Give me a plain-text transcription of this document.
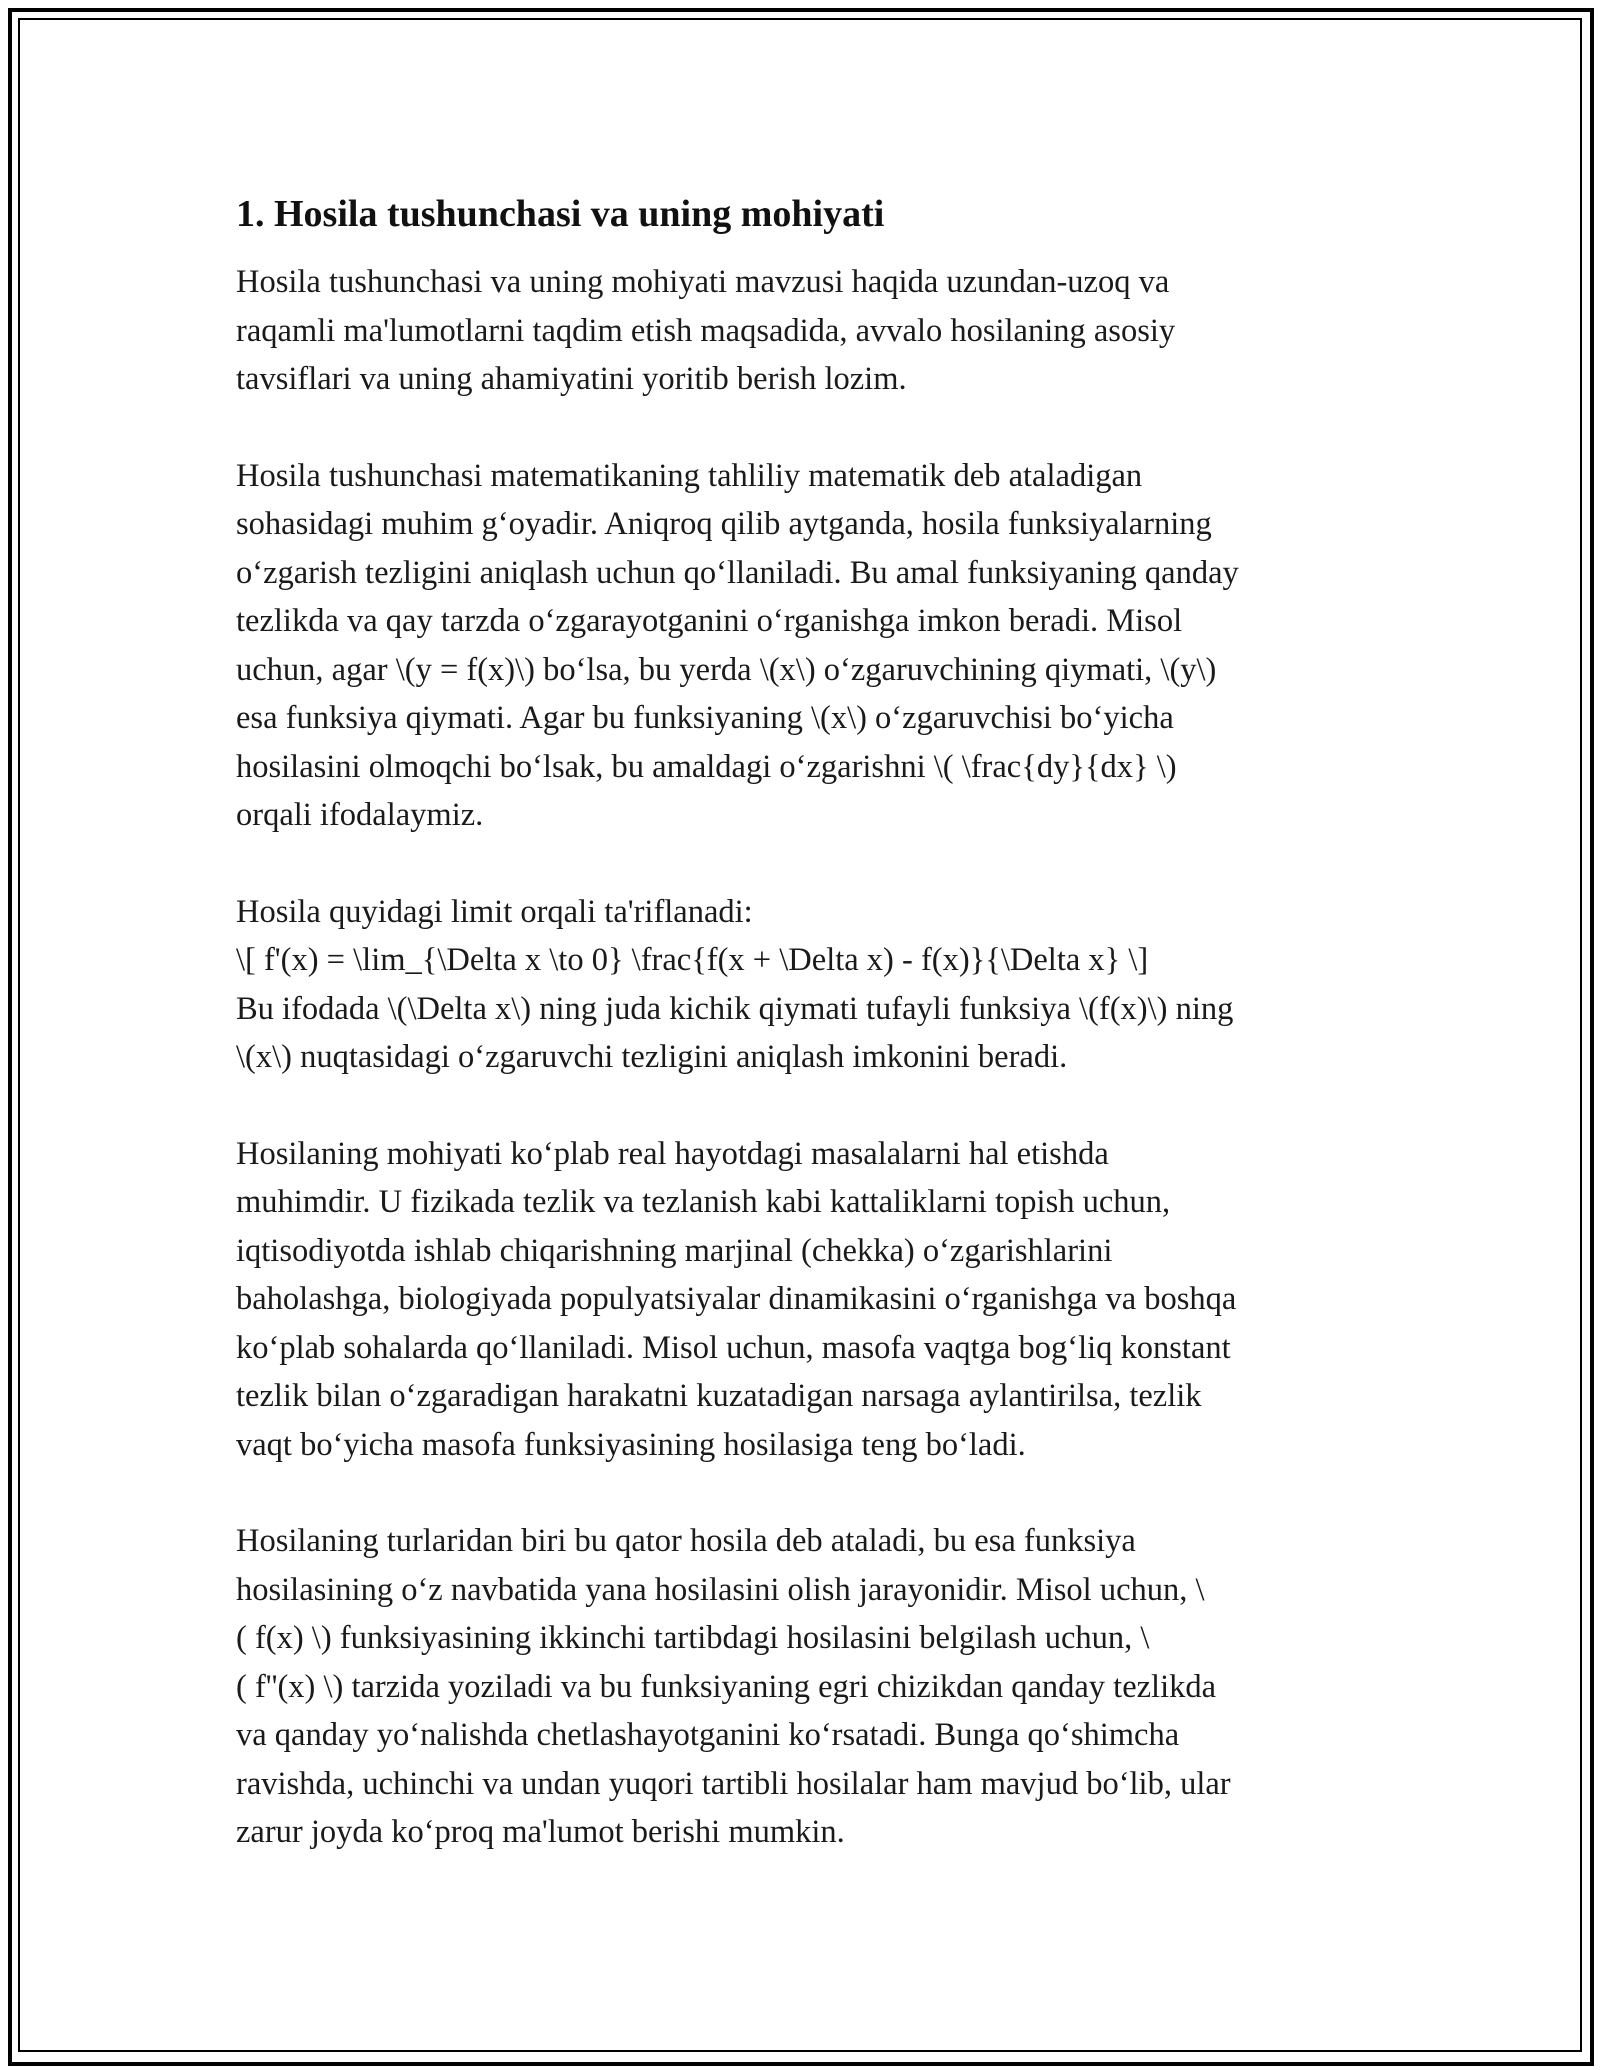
1. Hosila tushunchasi va uning mohiyati

Hosila tushunchasi va uning mohiyati mavzusi haqida uzundan-uzoq va
raqamli ma'lumotlarni taqdim etish maqsadida, avvalo hosilaning asosiy
tavsiflari va uning ahamiyatini yoritib berish lozim.

Hosila tushunchasi matematikaning tahliliy matematik deb ataladigan
sohasidagi muhim g‘oyadir. Aniqroq qilib aytganda, hosila funksiyalarning
o‘zgarish tezligini aniqlash uchun qo‘llaniladi. Bu amal funksiyaning qanday
tezlikda va qay tarzda o‘zgarayotganini o‘rganishga imkon beradi. Misol
uchun, agar \(y = f(x)\) bo‘lsa, bu yerda \(x\) o‘zgaruvchining qiymati, \(y\)
esa funksiya qiymati. Agar bu funksiyaning \(x\) o‘zgaruvchisi bo‘yicha
hosilasini olmoqchi bo‘lsak, bu amaldagi o‘zgarishni \( \frac{dy}{dx} \)
orqali ifodalaymiz.

Hosila quyidagi limit orqali ta'riflanadi:
\[ f'(x) = \lim_{\Delta x \to 0} \frac{f(x + \Delta x) - f(x)}{\Delta x} \]
Bu ifodada \(\Delta x\) ning juda kichik qiymati tufayli funksiya \(f(x)\) ning
\(x\) nuqtasidagi o‘zgaruvchi tezligini aniqlash imkonini beradi.

Hosilaning mohiyati ko‘plab real hayotdagi masalalarni hal etishda
muhimdir. U fizikada tezlik va tezlanish kabi kattaliklarni topish uchun,
iqtisodiyotda ishlab chiqarishning marjinal (chekka) o‘zgarishlarini
baholashga, biologiyada populyatsiyalar dinamikasini o‘rganishga va boshqa
ko‘plab sohalarda qo‘llaniladi. Misol uchun, masofa vaqtga bog‘liq konstant
tezlik bilan o‘zgaradigan harakatni kuzatadigan narsaga aylantirilsa, tezlik
vaqt bo‘yicha masofa funksiyasining hosilasiga teng bo‘ladi.

Hosilaning turlaridan biri bu qator hosila deb ataladi, bu esa funksiya
hosilasining o‘z navbatida yana hosilasini olish jarayonidir. Misol uchun, \
( f(x) \) funksiyasining ikkinchi tartibdagi hosilasini belgilash uchun, \
( f''(x) \) tarzida yoziladi va bu funksiyaning egri chizikdan qanday tezlikda
va qanday yo‘nalishda chetlashayotganini ko‘rsatadi. Bunga qo‘shimcha
ravishda, uchinchi va undan yuqori tartibli hosilalar ham mavjud bo‘lib, ular
zarur joyda ko‘proq ma'lumot berishi mumkin.
